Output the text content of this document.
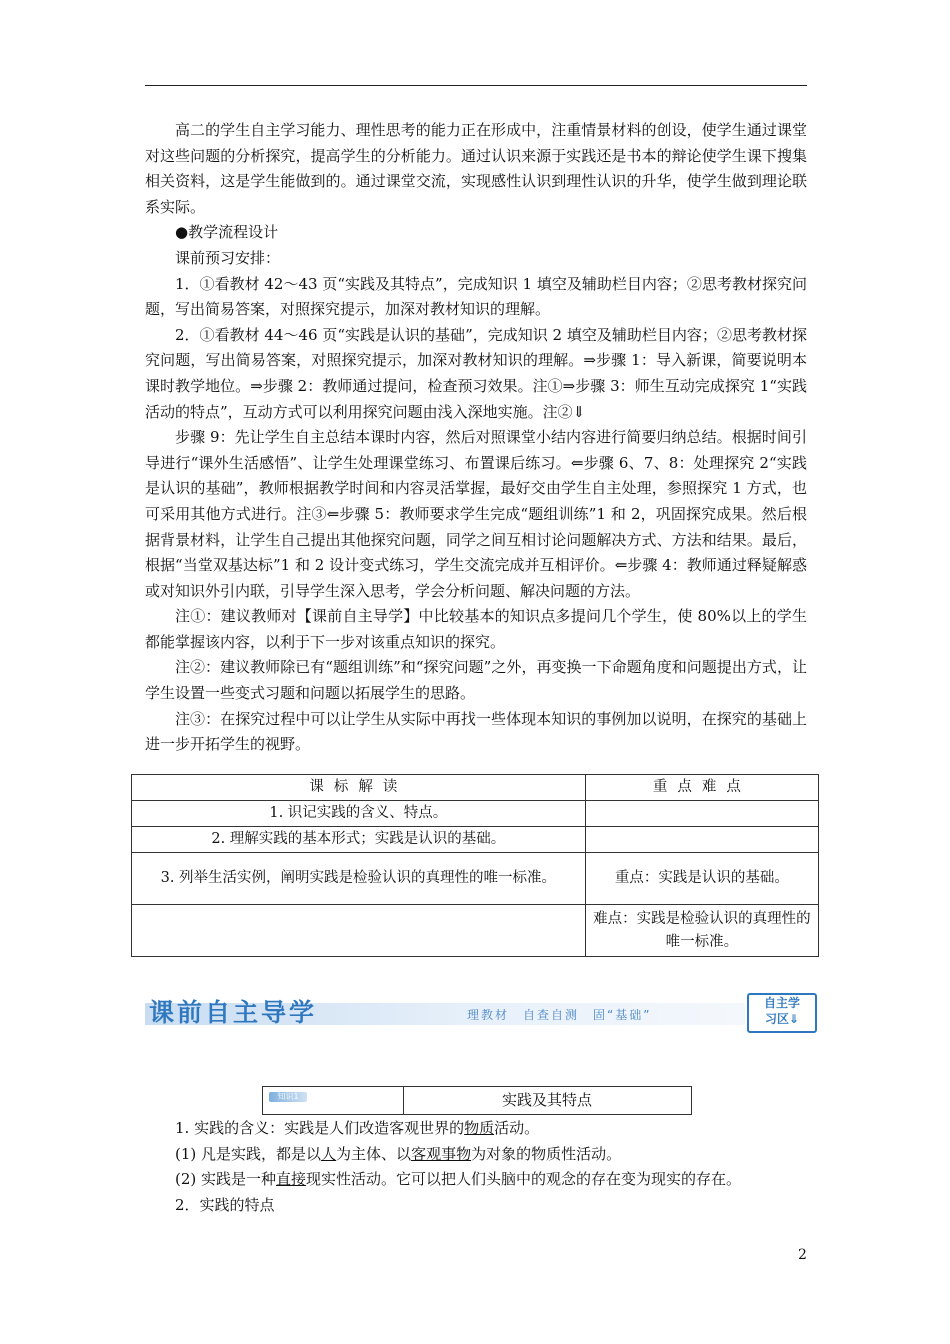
高二的学生自主学习能力、理性思考的能力正在形成中，注重情景材料的创设，使学生通过课堂对这些问题的分析探究，提高学生的分析能力。通过认识来源于实践还是书本的辩论使学生课下搜集相关资料，这是学生能做到的。通过课堂交流，实现感性认识到理性认识的升华，使学生做到理论联系实际。

●教学流程设计

课前预习安排：

1．①看教材 42～43 页“实践及其特点”，完成知识 1 填空及辅助栏目内容；②思考教材探究问题，写出简易答案，对照探究提示，加深对教材知识的理解。

2．①看教材 44～46 页“实践是认识的基础”，完成知识 2 填空及辅助栏目内容；②思考教材探究问题，写出简易答案，对照探究提示，加深对教材知识的理解。⇒步骤 1：导入新课，简要说明本课时教学地位。⇒步骤 2：教师通过提问，检查预习效果。注①⇒步骤 3：师生互动完成探究 1“实践活动的特点”，互动方式可以利用探究问题由浅入深地实施。注②⇓

步骤 9：先让学生自主总结本课时内容，然后对照课堂小结内容进行简要归纳总结。根据时间引导进行“课外生活感悟”、让学生处理课堂练习、布置课后练习。⇐步骤 6、7、8：处理探究 2“实践是认识的基础”，教师根据教学时间和内容灵活掌握，最好交由学生自主处理，参照探究 1 方式，也可采用其他方式进行。注③⇐步骤 5：教师要求学生完成“题组训练”1 和 2，巩固探究成果。然后根据背景材料，让学生自己提出其他探究问题，同学之间互相讨论问题解决方式、方法和结果。最后，根据“当堂双基达标”1 和 2 设计变式练习，学生交流完成并互相评价。⇐步骤 4：教师通过释疑解惑或对知识外引内联，引导学生深入思考，学会分析问题、解决问题的方法。

注①：建议教师对【课前自主导学】中比较基本的知识点多提问几个学生，使 80%以上的学生都能掌握该内容，以利于下一步对该重点知识的探究。

注②：建议教师除已有“题组训练”和“探究问题”之外，再变换一下命题角度和问题提出方式，让学生设置一些变式习题和问题以拓展学生的思路。

注③：在探究过程中可以让学生从实际中再找一些体现本知识的事例加以说明，在探究的基础上进一步开拓学生的视野。

课标解读	重点难点
1. 识记实践的含义、特点。	
2. 理解实践的基本形式；实践是认识的基础。	
3. 列举生活实例，阐明实践是检验认识的真理性的唯一标准。	重点：实践是认识的基础。
	难点：实践是检验认识的真理性的唯一标准。
课前自主导学	理教材　自查自测　固“基础”
自主学
习区⇓
知识1	实践及其特点

1. 实践的含义：实践是人们改造客观世界的物质活动。

(1) 凡是实践，都是以人为主体、以客观事物为对象的物质性活动。

(2) 实践是一种直接现实性活动。它可以把人们头脑中的观念的存在变为现实的存在。

2．实践的特点

2
